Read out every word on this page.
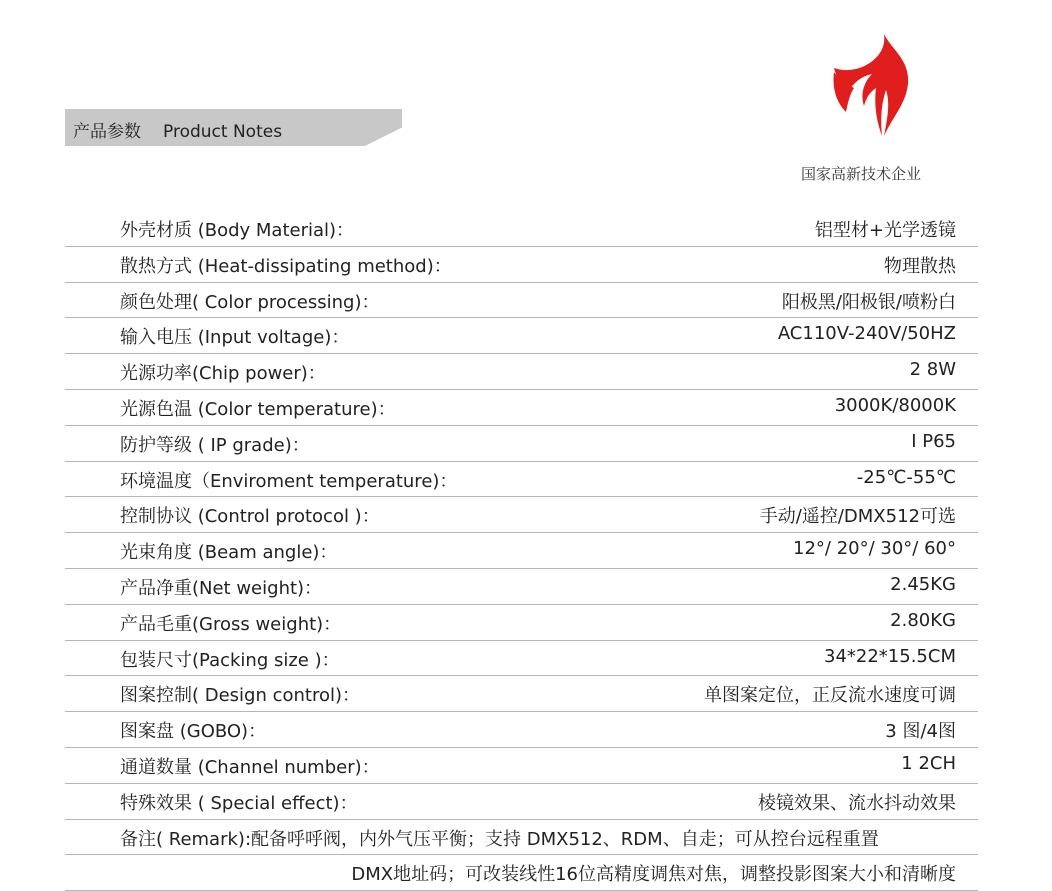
产品参数 Product Notes
国家高新技术企业
外壳材质 (Body Material)：	铝型材+光学透镜
散热方式 (Heat-dissipating method)：	物理散热
颜色处理( Color processing)：	阳极黑/阳极银/喷粉白
输入电压 (Input voltage)：	AC110V-240V/50HZ
光源功率(Chip power)：	2 8W
光源色温 (Color temperature)：	3000K/8000K
防护等级 ( IP grade)：	I P65
环境温度（Enviroment temperature)：	-25℃-55℃
控制协议 (Control protocol )：	手动/遥控/DMX512可选
光束角度 (Beam angle)：	12°/ 20°/ 30°/ 60°
产品净重(Net weight)：	2.45KG
产品毛重(Gross weight)：	2.80KG
包装尺寸(Packing size )：	34*22*15.5CM
图案控制( Design control)：	单图案定位，正反流水速度可调
图案盘 (GOBO)：	3 图/4图
通道数量 (Channel number)：	1 2CH
特殊效果 ( Special effect)：	棱镜效果、流水抖动效果
备注( Remark):配备呼呼阀，内外气压平衡；支持 DMX512、RDM、自走；可从控台远程重置
DMX地址码；可改装线性16位高精度调焦对焦，调整投影图案大小和清晰度
